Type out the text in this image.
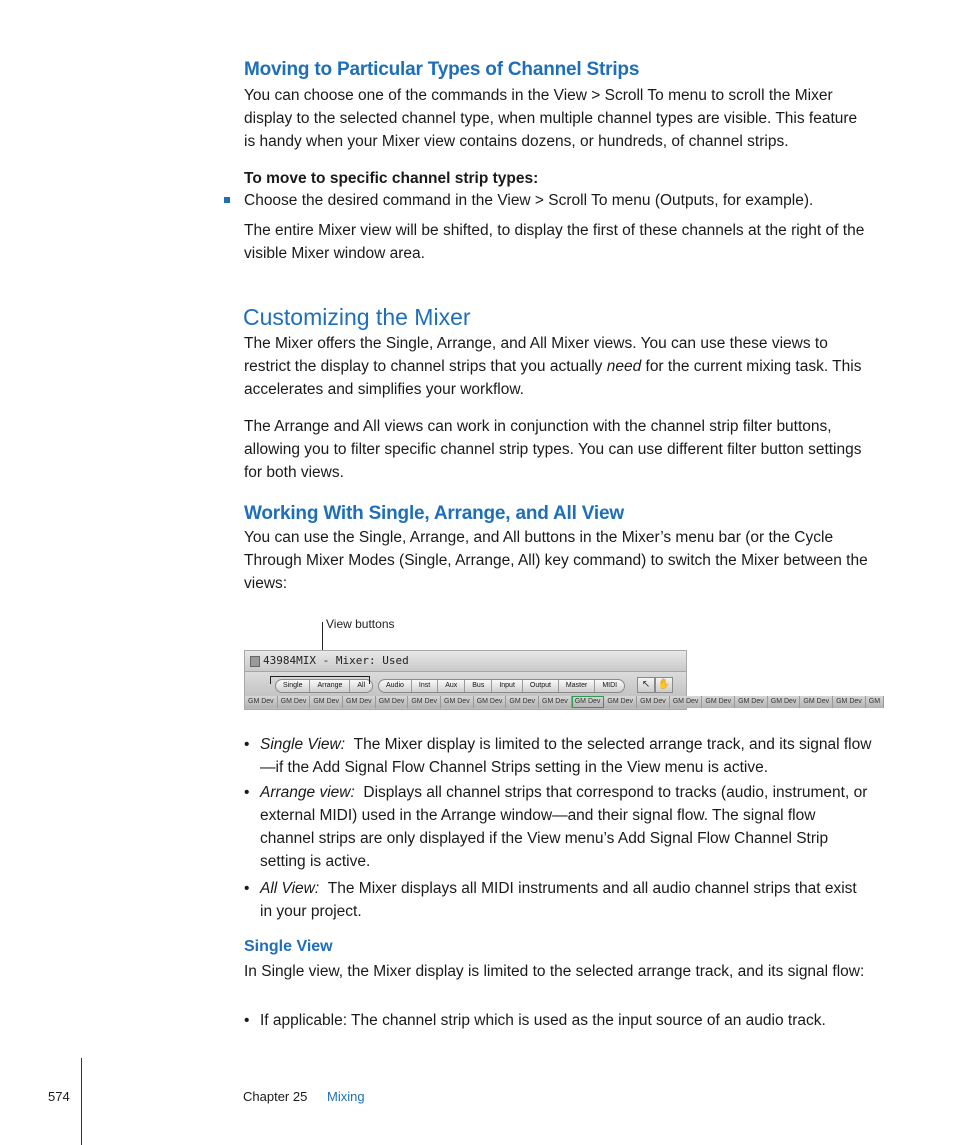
Moving to Particular Types of Channel Strips
You can choose one of the commands in the View > Scroll To menu to scroll the Mixer display to the selected channel type, when multiple channel types are visible. This feature is handy when your Mixer view contains dozens, or hundreds, of channel strips.
To move to specific channel strip types:
Choose the desired command in the View > Scroll To menu (Outputs, for example).
The entire Mixer view will be shifted, to display the first of these channels at the right of the visible Mixer window area.
Customizing the Mixer
The Mixer offers the Single, Arrange, and All Mixer views. You can use these views to restrict the display to channel strips that you actually need for the current mixing task. This accelerates and simplifies your workflow.
The Arrange and All views can work in conjunction with the channel strip filter buttons, allowing you to filter specific channel strip types. You can use different filter button settings for both views.
Working With Single, Arrange, and All View
You can use the Single, Arrange, and All buttons in the Mixer’s menu bar (or the Cycle Through Mixer Modes (Single, Arrange, All) key command) to switch the Mixer between the views:
View buttons
43984MIX - Mixer: Used
Single	Arrange	All	Audio	Inst	Aux	Bus	Input	Output	Master	MIDI	↖ ✋
GM Dev	GM Dev	GM Dev	GM Dev	GM Dev	GM Dev	GM Dev	GM Dev	GM Dev	GM Dev	GM Dev	GM Dev	GM Dev	GM Dev	GM Dev	GM Dev	GM Dev	GM Dev	GM Dev	GM
• Single View: The Mixer display is limited to the selected arrange track, and its signal flow—if the Add Signal Flow Channel Strips setting in the View menu is active.
• Arrange view: Displays all channel strips that correspond to tracks (audio, instrument, or external MIDI) used in the Arrange window—and their signal flow. The signal flow channel strips are only displayed if the View menu’s Add Signal Flow Channel Strip setting is active.
• All View: The Mixer displays all MIDI instruments and all audio channel strips that exist in your project.
Single View
In Single view, the Mixer display is limited to the selected arrange track, and its signal flow:
• If applicable: The channel strip which is used as the input source of an audio track.
574	Chapter 25 Mixing
